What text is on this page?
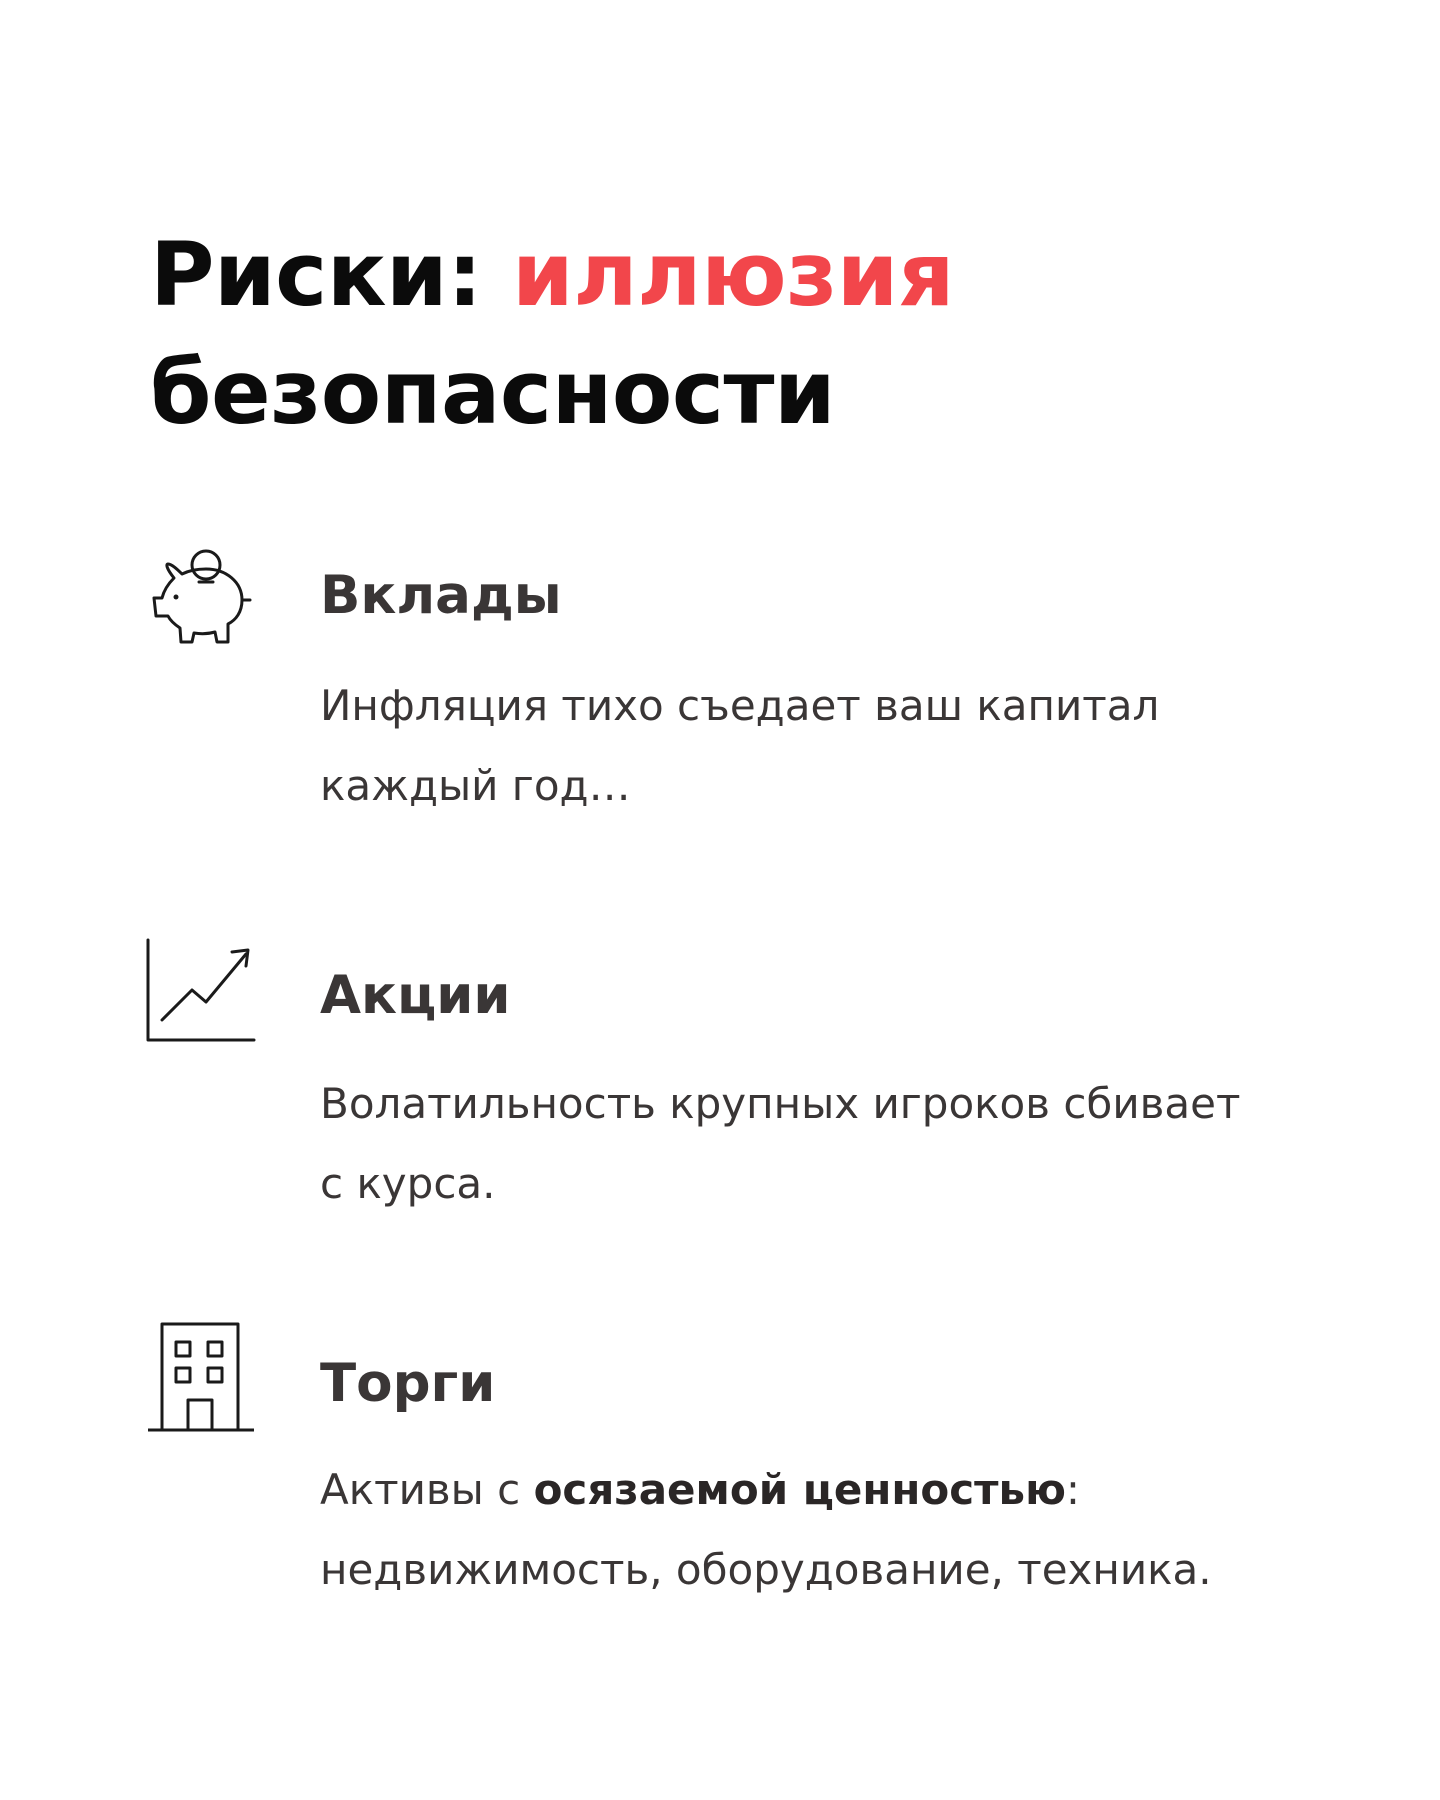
Риски: иллюзия
безопасности
Вклады

Инфляция тихо съедает ваш капитал
каждый год…

Акции

Волатильность крупных игроков сбивает
с курса.

Торги

Активы с осязаемой ценностью:
недвижимость, оборудование, техника.
